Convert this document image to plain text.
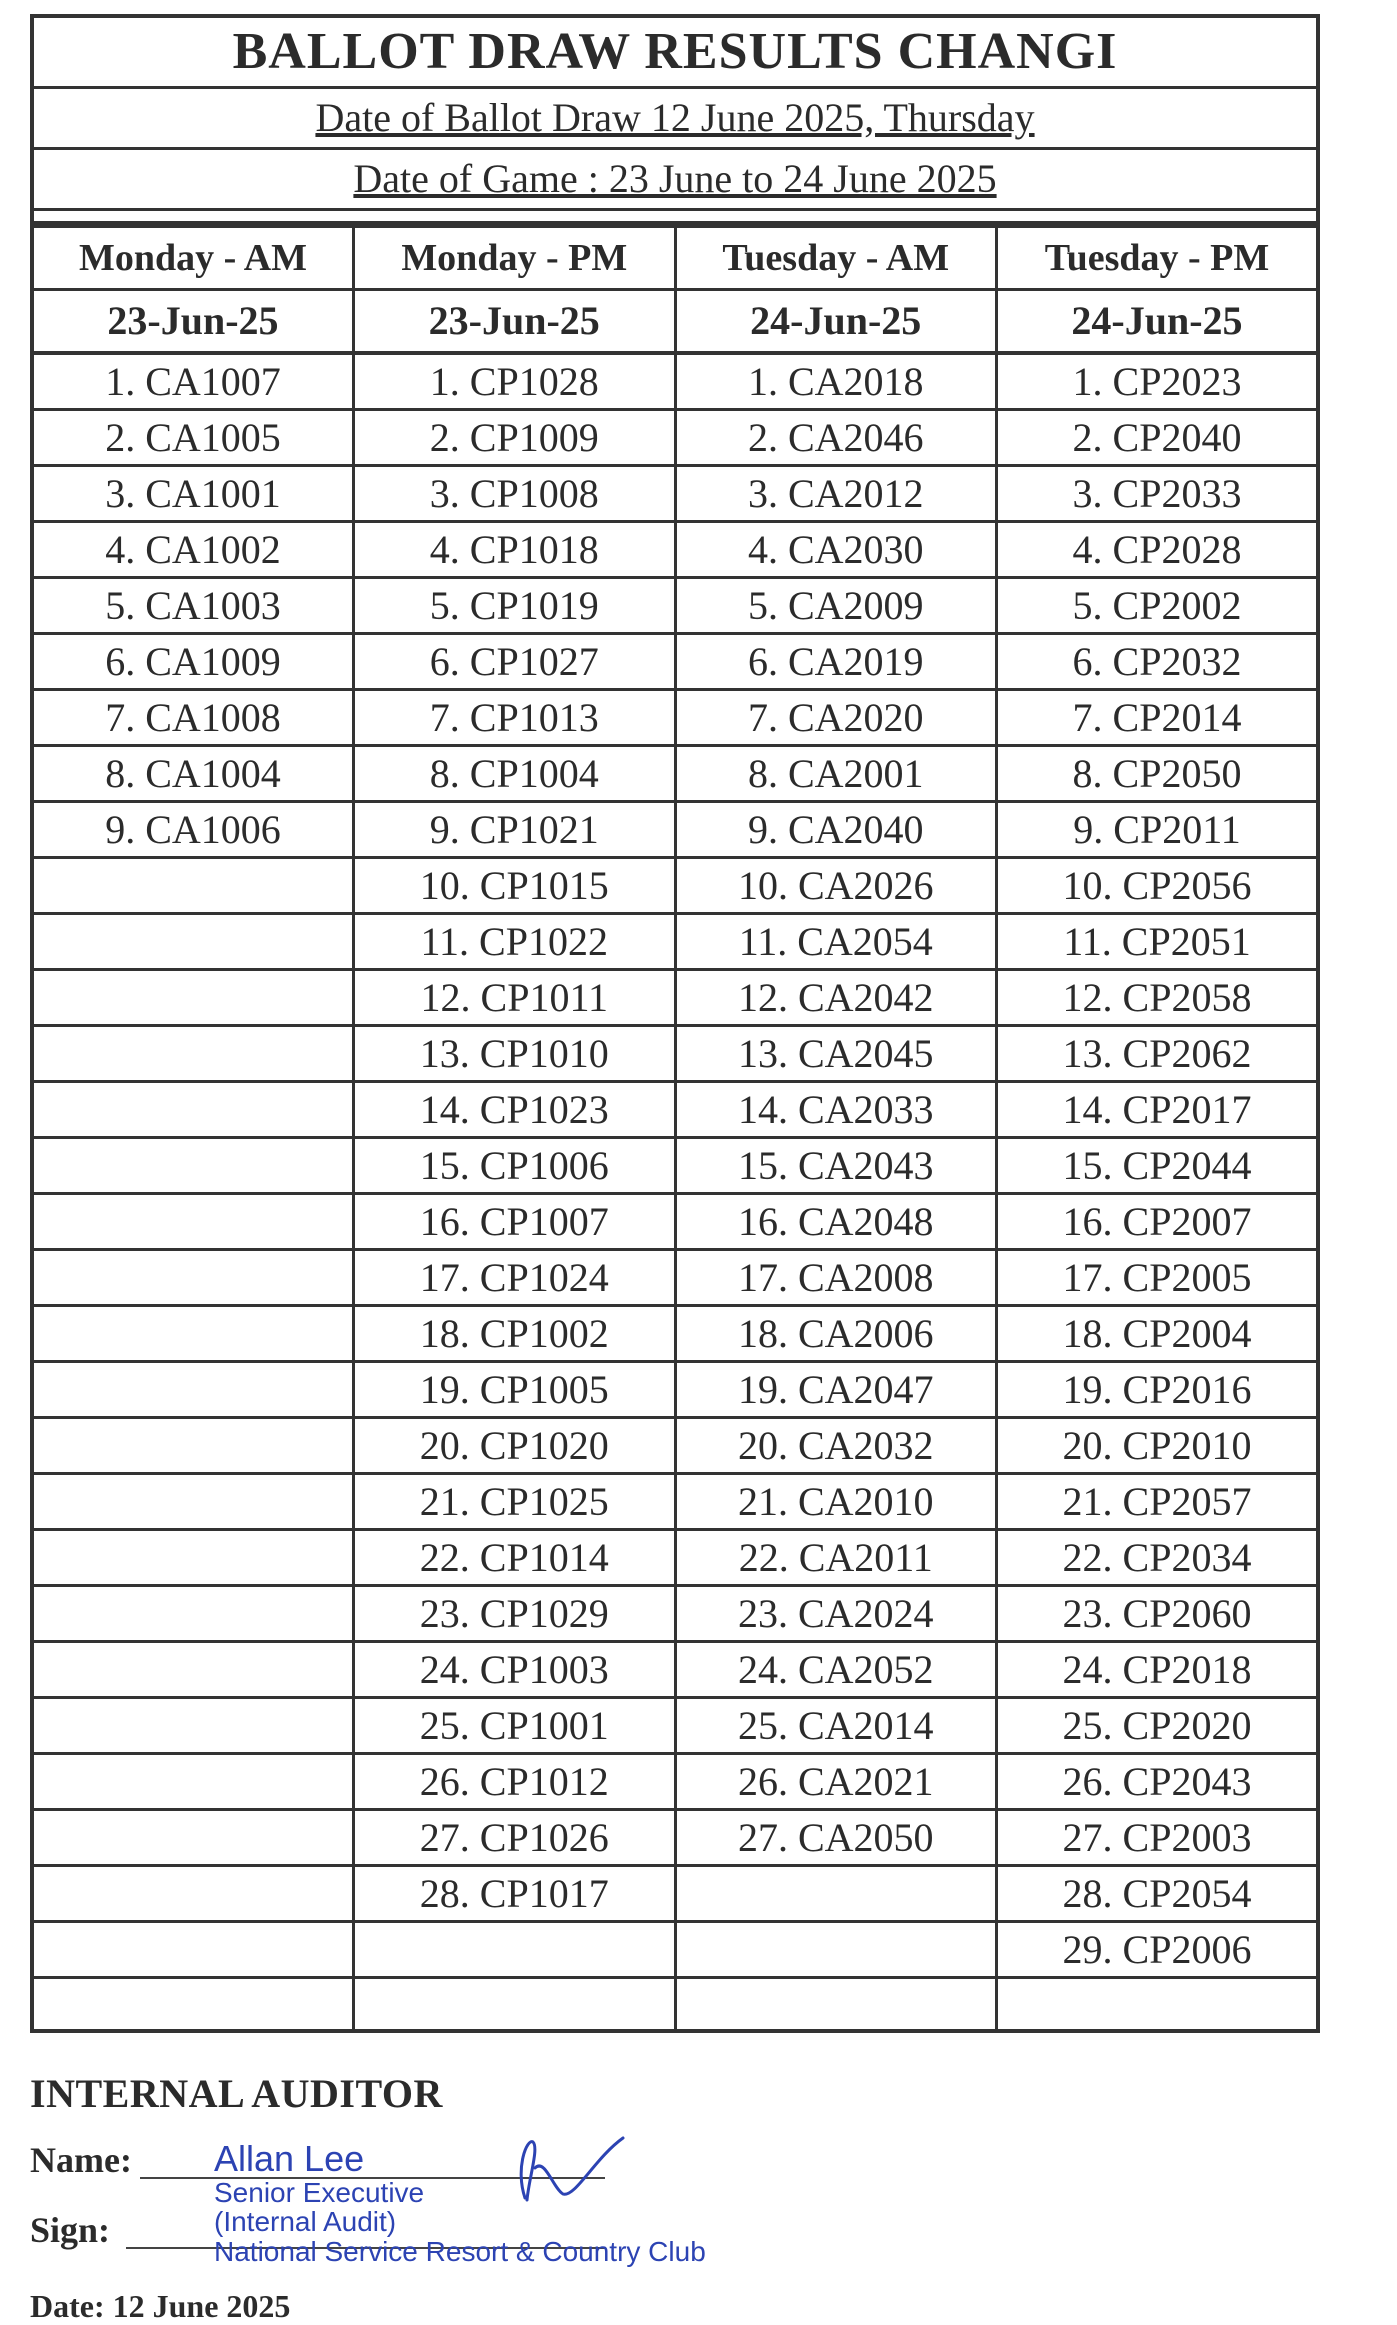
BALLOT DRAW RESULTS CHANGI
Date of Ballot Draw 12 June 2025, Thursday
Date of Game : 23 June to 24 June 2025
Monday - AM	Monday - PM	Tuesday - AM	Tuesday - PM
23-Jun-25	23-Jun-25	24-Jun-25	24-Jun-25
1. CA1007	1. CP1028	1. CA2018	1. CP2023
2. CA1005	2. CP1009	2. CA2046	2. CP2040
3. CA1001	3. CP1008	3. CA2012	3. CP2033
4. CA1002	4. CP1018	4. CA2030	4. CP2028
5. CA1003	5. CP1019	5. CA2009	5. CP2002
6. CA1009	6. CP1027	6. CA2019	6. CP2032
7. CA1008	7. CP1013	7. CA2020	7. CP2014
8. CA1004	8. CP1004	8. CA2001	8. CP2050
9. CA1006	9. CP1021	9. CA2040	9. CP2011
	10. CP1015	10. CA2026	10. CP2056
	11. CP1022	11. CA2054	11. CP2051
	12. CP1011	12. CA2042	12. CP2058
	13. CP1010	13. CA2045	13. CP2062
	14. CP1023	14. CA2033	14. CP2017
	15. CP1006	15. CA2043	15. CP2044
	16. CP1007	16. CA2048	16. CP2007
	17. CP1024	17. CA2008	17. CP2005
	18. CP1002	18. CA2006	18. CP2004
	19. CP1005	19. CA2047	19. CP2016
	20. CP1020	20. CA2032	20. CP2010
	21. CP1025	21. CA2010	21. CP2057
	22. CP1014	22. CA2011	22. CP2034
	23. CP1029	23. CA2024	23. CP2060
	24. CP1003	24. CA2052	24. CP2018
	25. CP1001	25. CA2014	25. CP2020
	26. CP1012	26. CA2021	26. CP2043
	27. CP1026	27. CA2050	27. CP2003
	28. CP1017		28. CP2054
			29. CP2006

INTERNAL AUDITOR
Name:
Sign:
Allan Lee
Senior Executive
(Internal Audit)
National Service Resort & Country Club
Date: 12 June 2025
